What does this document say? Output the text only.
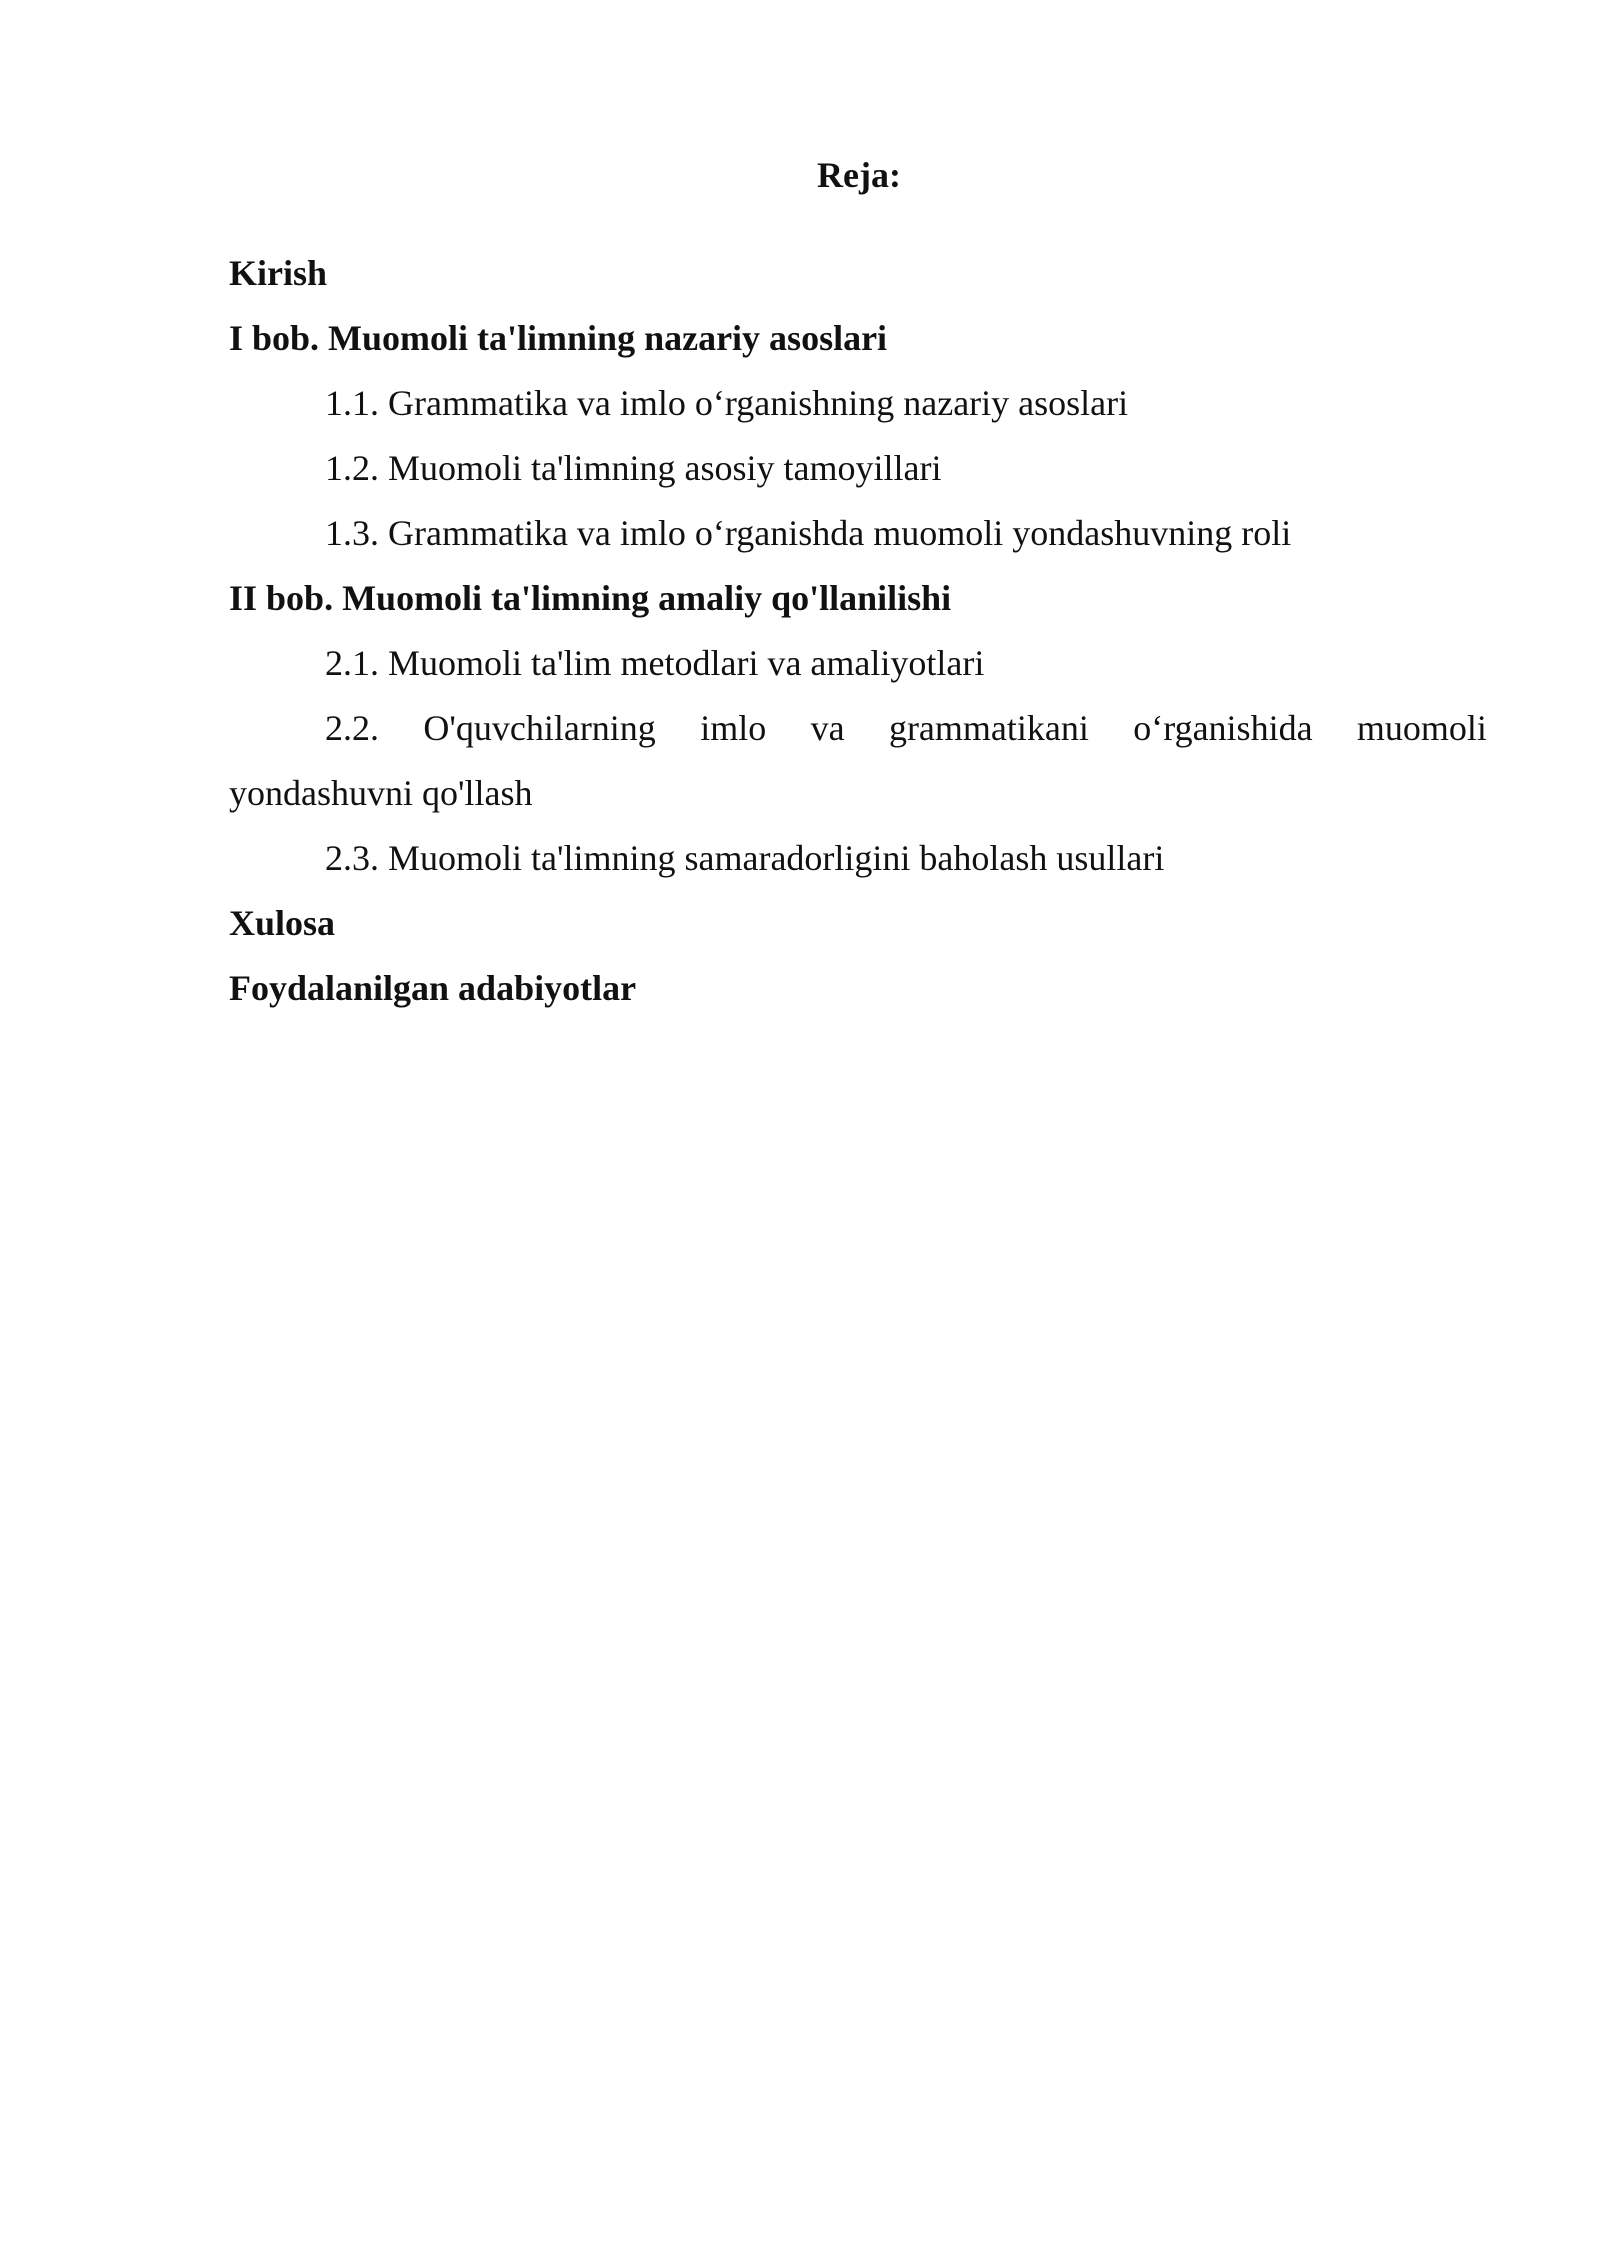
Reja:
Kirish
I bob. Muomoli ta'limning nazariy asoslari
1.1. Grammatika va imlo o‘rganishning nazariy asoslari
1.2. Muomoli ta'limning asosiy tamoyillari
1.3. Grammatika va imlo o‘rganishda muomoli yondashuvning roli
II bob. Muomoli ta'limning amaliy qo'llanilishi
2.1. Muomoli ta'lim metodlari va amaliyotlari
2.2. O'quvchilarning imlo va grammatikani o‘rganishida muomoli
yondashuvni qo'llash
2.3. Muomoli ta'limning samaradorligini baholash usullari
Xulosa
Foydalanilgan adabiyotlar
